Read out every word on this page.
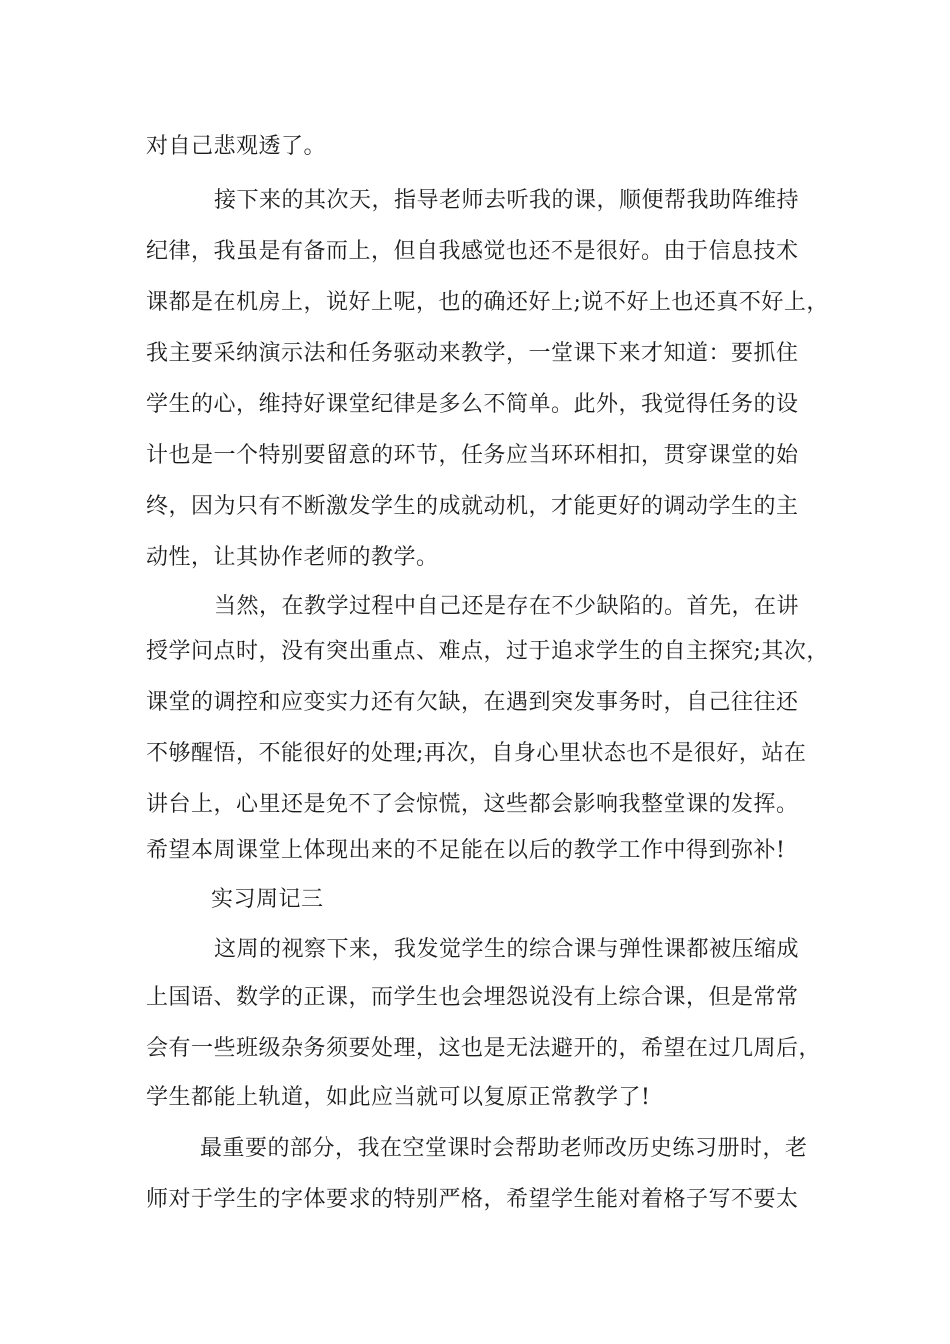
对自己悲观透了。
接下来的其次天，指导老师去听我的课，顺便帮我助阵维持
纪律，我虽是有备而上，但自我感觉也还不是很好。由于信息技术
课都是在机房上，说好上呢，也的确还好上;说不好上也还真不好上，
我主要采纳演示法和任务驱动来教学，一堂课下来才知道：要抓住
学生的心，维持好课堂纪律是多么不简单。此外，我觉得任务的设
计也是一个特别要留意的环节，任务应当环环相扣，贯穿课堂的始
终，因为只有不断激发学生的成就动机，才能更好的调动学生的主
动性，让其协作老师的教学。
当然，在教学过程中自己还是存在不少缺陷的。首先，在讲
授学问点时，没有突出重点、难点，过于追求学生的自主探究;其次，
课堂的调控和应变实力还有欠缺，在遇到突发事务时，自己往往还
不够醒悟，不能很好的处理;再次，自身心里状态也不是很好，站在
讲台上，心里还是免不了会惊慌，这些都会影响我整堂课的发挥。
希望本周课堂上体现出来的不足能在以后的教学工作中得到弥补!
实习周记三
这周的视察下来，我发觉学生的综合课与弹性课都被压缩成
上国语、数学的正课，而学生也会埋怨说没有上综合课，但是常常
会有一些班级杂务须要处理，这也是无法避开的，希望在过几周后，
学生都能上轨道，如此应当就可以复原正常教学了!
最重要的部分，我在空堂课时会帮助老师改历史练习册时，老
师对于学生的字体要求的特别严格，希望学生能对着格子写不要太
